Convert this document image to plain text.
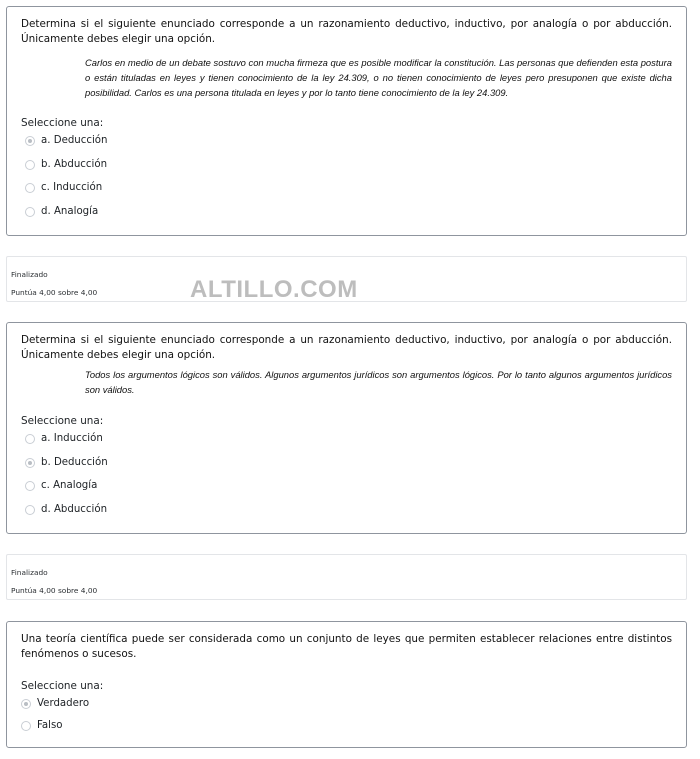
Determina si el siguiente enunciado corresponde a un razonamiento deductivo, inductivo, por analogía o por abducción. Únicamente debes elegir una opción.
Carlos en medio de un debate sostuvo con mucha firmeza que es posible modificar la constitución. Las personas que defienden esta postura o están tituladas en leyes y tienen conocimiento de la ley 24.309, o no tienen conocimiento de leyes pero presuponen que existe dicha posibilidad. Carlos es una persona titulada en leyes y por lo tanto tiene conocimiento de la ley 24.309.
Seleccione una:
a. Deducción
b. Abducción
c. Inducción
d. Analogía
Finalizado
Puntúa 4,00 sobre 4,00	ALTILLO.COM
Determina si el siguiente enunciado corresponde a un razonamiento deductivo, inductivo, por analogía o por abducción. Únicamente debes elegir una opción.
Todos los argumentos lógicos son válidos. Algunos argumentos jurídicos son argumentos lógicos. Por lo tanto algunos argumentos jurídicos son válidos.
Seleccione una:
a. Inducción
b. Deducción
c. Analogía
d. Abducción
Finalizado
Puntúa 4,00 sobre 4,00
Una teoría científica puede ser considerada como un conjunto de leyes que permiten establecer relaciones entre distintos fenómenos o sucesos.
Seleccione una:
Verdadero
Falso
